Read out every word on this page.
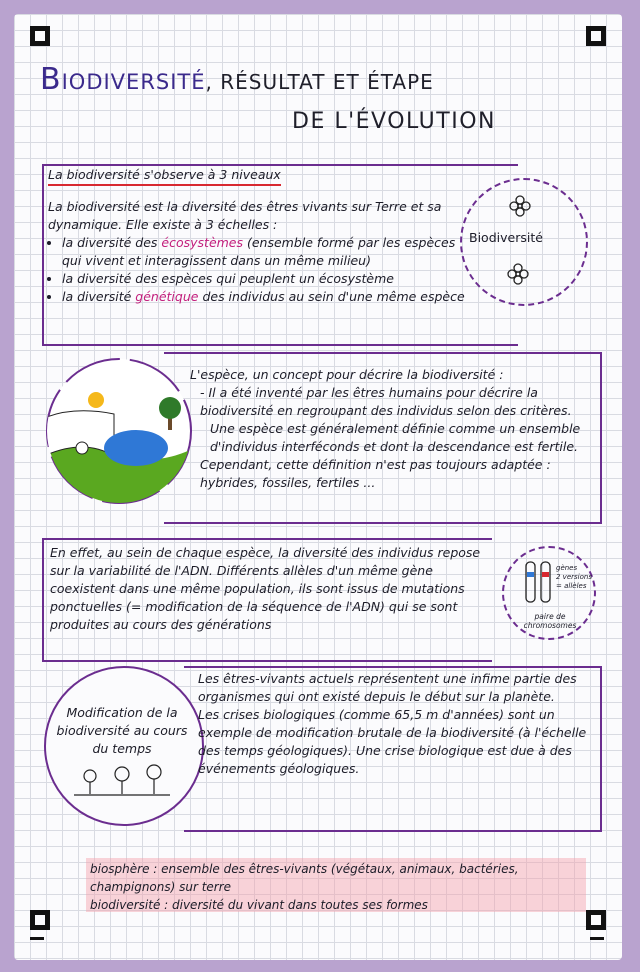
BIODIVERSITÉ, RÉSULTAT ET ÉTAPE
DE L'ÉVOLUTION
La biodiversité s'observe à 3 niveaux
La biodiversité est la diversité des êtres vivants sur Terre et sa dynamique. Elle existe à 3 échelles :
• la diversité des écosystèmes (ensemble formé par les espèces qui vivent et interagissent dans un même milieu)
• la diversité des espèces qui peuplent un écosystème
• la diversité génétique des individus au sein d'une même espèce
Biodiversité
L'espèce, un concept pour décrire la biodiversité :
- Il a été inventé par les êtres humains pour décrire la biodiversité en regroupant des individus selon des critères.
Une espèce est généralement définie comme un ensemble d'individus interféconds et dont la descendance est fertile.
Cependant, cette définition n'est pas toujours adaptée : hybrides, fossiles, fertiles ...
En effet, au sein de chaque espèce, la diversité des individus repose sur la variabilité de l'ADN. Différents allèles d'un même gène coexistent dans une même population, ils sont issus de mutations ponctuelles (= modification de la séquence de l'ADN) qui se sont produites au cours des générations
gènes
2 versions
= allèles
paire de chromosomes
Modification de la biodiversité au cours du temps
Les êtres-vivants actuels représentent une infime partie des organismes qui ont existé depuis le début sur la planète.
Les crises biologiques (comme 65,5 m d'années) sont un exemple de modification brutale de la biodiversité (à l'échelle des temps géologiques). Une crise biologique est due à des événements géologiques.
biosphère : ensemble des êtres-vivants (végétaux, animaux, bactéries, champignons) sur terre
biodiversité : diversité du vivant dans toutes ses formes
